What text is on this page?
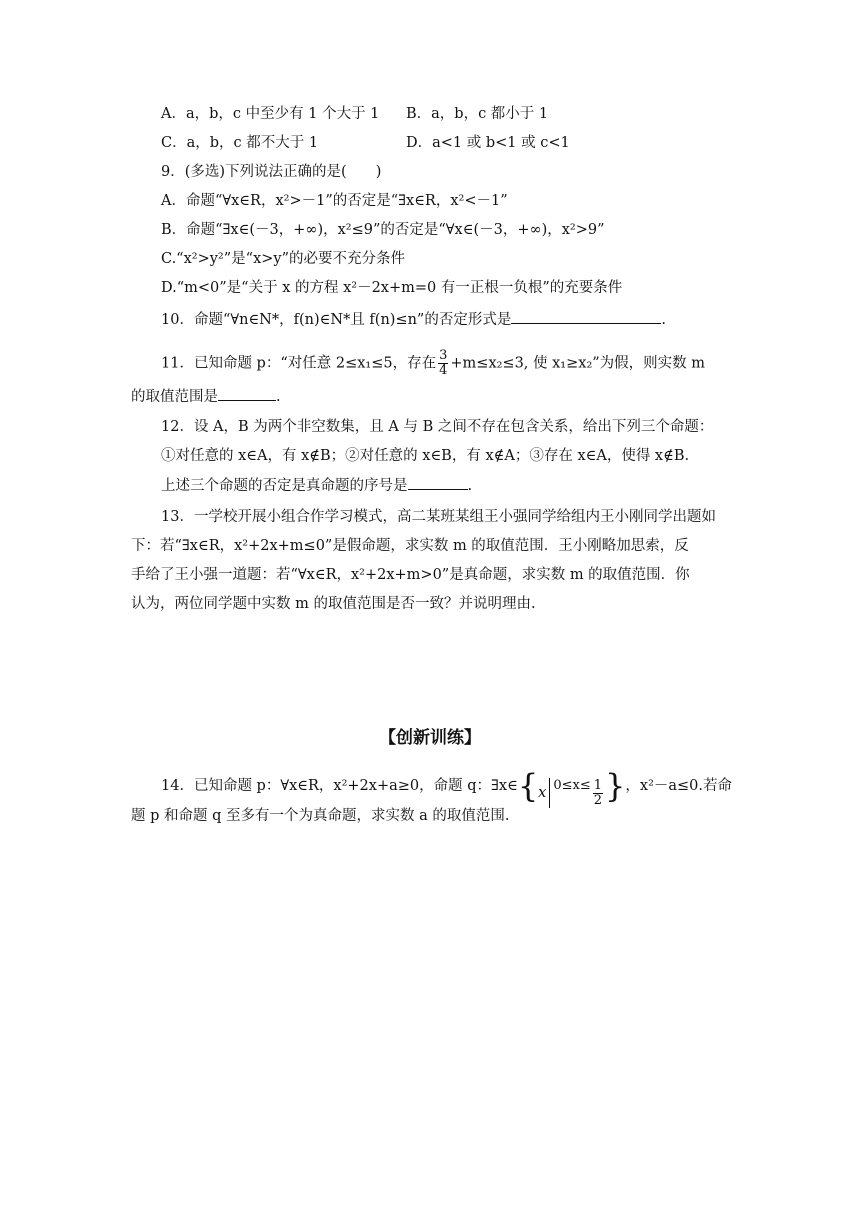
A．a，b，c 中至少有 1 个大于 1 B．a，b，c 都小于 1
C．a，b，c 都不大于 1	D．a<1 或 b<1 或 c<1
9．(多选)下列说法正确的是(　　)
A．命题“∀x∈R，x²>－1”的否定是“∃x∈R，x²<－1”
B．命题“∃x∈(－3，+∞)，x²≤9”的否定是“∀x∈(－3，+∞)，x²>9”
C.“x²>y²”是“x>y”的必要不充分条件
D.“m<0”是“关于 x 的方程 x²－2x+m=0 有一正根一负根”的充要条件
10．命题“∀n∈N*，f(n)∈N*且 f(n)≤n”的否定形式是	.
11．已知命题 p：“对任意 2≤x₁≤5，存在 $\frac{3}{4} +m\le x_2\le 3$, 使 x₁≥x₂”为假，则实数 m
的取值范围是	.
12．设 A，B 为两个非空数集，且 A 与 B 之间不存在包含关系，给出下列三个命题：
①对任意的 x∈A，有 x∉B；②对任意的 x∈B，有 x∉A；③存在 x∈A，使得 x∉B.
上述三个命题的否定是真命题的序号是	.
13．一学校开展小组合作学习模式，高二某班某组王小强同学给组内王小刚同学出题如
下：若“∃x∈R，x²+2x+m≤0”是假命题，求实数 m 的取值范围．王小刚略加思索，反
手给了王小强一道题：若“∀x∈R，x²+2x+m>0”是真命题，求实数 m 的取值范围．你
认为，两位同学题中实数 m 的取值范围是否一致？并说明理由.
【创新训练】
14．已知命题 p：∀x∈R，x²+2x+a≥0，命题 q：∃x∈{x $0\le x\le \frac{1}{2}$ }，x²－a≤0.若命
题 p 和命题 q 至多有一个为真命题，求实数 a 的取值范围.
